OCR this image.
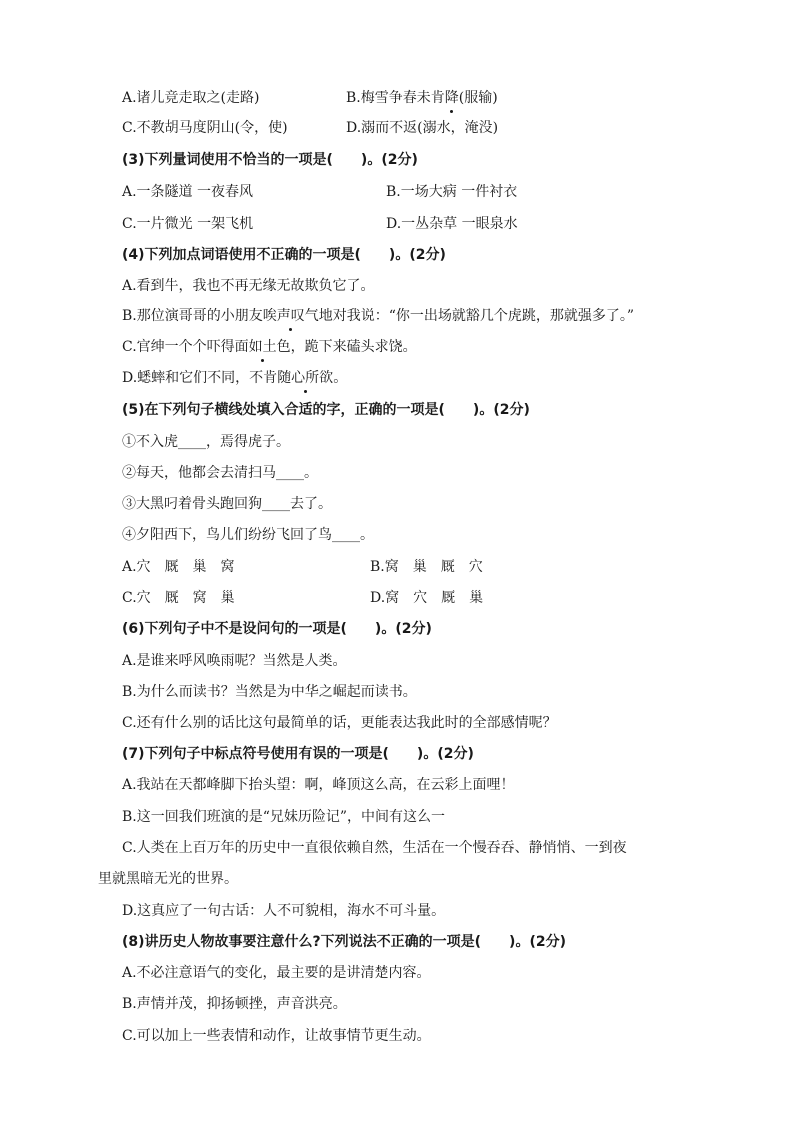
A.诸儿竞走取之(走路)	B.梅雪争春未肯降(服输)
C.不教胡马度阴山(令，使)	D.溺而不返(溺水，淹没)
(3)下列量词使用不恰当的一项是(　　)。(2分)
A.一条隧道 一夜春风	B.一场大病 一件衬衣
C.一片微光 一架飞机	D.一丛杂草 一眼泉水
(4)下列加点词语使用不正确的一项是(　　)。(2分)
A.看到牛，我也不再无缘无故欺负它了。
B.那位演哥哥的小朋友唉声叹气地对我说：“你一出场就豁几个虎跳，那就强多了。”
C.官绅一个个吓得面如土色，跪下来磕头求饶。
D.蟋蟀和它们不同，不肯随心所欲。
(5)在下列句子横线处填入合适的字，正确的一项是(　　)。(2分)
①不入虎____，焉得虎子。
②每天，他都会去清扫马____。
③大黑叼着骨头跑回狗____去了。
④夕阳西下，鸟儿们纷纷飞回了鸟____。
A.穴　厩　巢　窝	B.窝　巢　厩　穴
C.穴　厩　窝　巢	D.窝　穴　厩　巢
(6)下列句子中不是设问句的一项是(　　)。(2分)
A.是谁来呼风唤雨呢？当然是人类。
B.为什么而读书？当然是为中华之崛起而读书。
C.还有什么别的话比这句最简单的话，更能表达我此时的全部感情呢？
(7)下列句子中标点符号使用有误的一项是(　　)。(2分)
A.我站在天都峰脚下抬头望：啊，峰顶这么高，在云彩上面哩！
B.这一回我们班演的是“兄妹历险记”，中间有这么一
C.人类在上百万年的历史中一直很依赖自然，生活在一个慢吞吞、静悄悄、一到夜
里就黑暗无光的世界。
D.这真应了一句古话：人不可貌相，海水不可斗量。
(8)讲历史人物故事要注意什么?下列说法不正确的一项是(　　)。(2分)
A.不必注意语气的变化，最主要的是讲清楚内容。
B.声情并茂，抑扬顿挫，声音洪亮。
C.可以加上一些表情和动作，让故事情节更生动。
